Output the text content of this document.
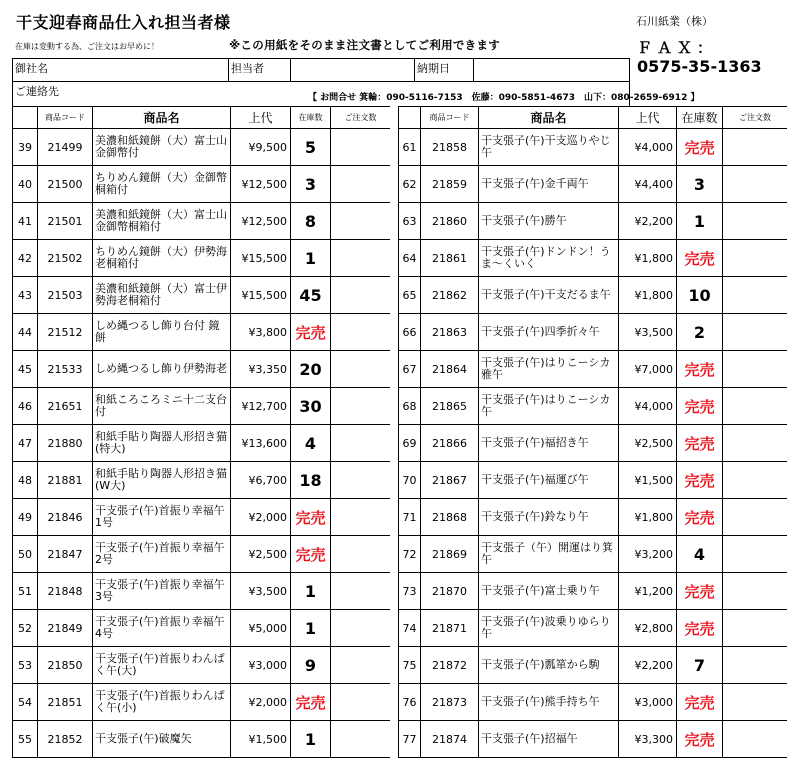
干支迎春商品仕入れ担当者様	石川紙業（株）
在庫は変動する為、ご注文はお早めに！	※この用紙をそのまま注文書としてご利用できます	ＦＡＸ：
0575-35-1363
御社名	担当者	納期日
ご連絡先	【 お問合せ 箕輪：090-5116-7153　佐藤：090-5851-4673　山下：080-2659-6912 】
	商品コード	商品名	上代	在庫数	ご注文数
39	21499	美濃和紙鏡餅（大）富士山金御幣付	¥9,500	5	
40	21500	ちりめん鏡餅（大）金御幣桐箱付	¥12,500	3	
41	21501	美濃和紙鏡餅（大）富士山金御幣桐箱付	¥12,500	8	
42	21502	ちりめん鏡餅（大）伊勢海老桐箱付	¥15,500	1	
43	21503	美濃和紙鏡餅（大）富士伊勢海老桐箱付	¥15,500	45	
44	21512	しめ縄つるし飾り台付 鏡餅	¥3,800	完売	
45	21533	しめ縄つるし飾り伊勢海老	¥3,350	20	
46	21651	和紙ころころミニ十二支台付	¥12,700	30	
47	21880	和紙手貼り陶器人形招き猫(特大)	¥13,600	4	
48	21881	和紙手貼り陶器人形招き猫(W大)	¥6,700	18	
49	21846	干支張子(午)首振り幸福午1号	¥2,000	完売	
50	21847	干支張子(午)首振り幸福午2号	¥2,500	完売	
51	21848	干支張子(午)首振り幸福午3号	¥3,500	1	
52	21849	干支張子(午)首振り幸福午4号	¥5,000	1	
53	21850	干支張子(午)首振りわんぱく午(大)	¥3,000	9	
54	21851	干支張子(午)首振りわんぱく午(小)	¥2,000	完売	
55	21852	干支張子(午)破魔矢	¥1,500	1	
	商品コード	商品名	上代	在庫数	ご注文数
61	21858	干支張子(午)干支巡りやじ午	¥4,000	完売	
62	21859	干支張子(午)金千両午	¥4,400	3	
63	21860	干支張子(午)勝午	¥2,200	1	
64	21861	干支張子(午)ドンドン！うま〜くいく	¥1,800	完売	
65	21862	干支張子(午)干支だるま午	¥1,800	10	
66	21863	干支張子(午)四季折々午	¥3,500	2	
67	21864	干支張子(午)はりこーシカ雅午	¥7,000	完売	
68	21865	干支張子(午)はりこーシカ午	¥4,000	完売	
69	21866	干支張子(午)福招き午	¥2,500	完売	
70	21867	干支張子(午)福運び午	¥1,500	完売	
71	21868	干支張子(午)鈴なり午	¥1,800	完売	
72	21869	干支張子（午）開運はり箕午	¥3,200	4	
73	21870	干支張子(午)富士乗り午	¥1,200	完売	
74	21871	干支張子(午)波乗りゆらり午	¥2,800	完売	
75	21872	干支張子(午)瓢箪から駒	¥2,200	7	
76	21873	干支張子(午)熊手持ち午	¥3,000	完売	
77	21874	干支張子(午)招福午	¥3,300	完売	
